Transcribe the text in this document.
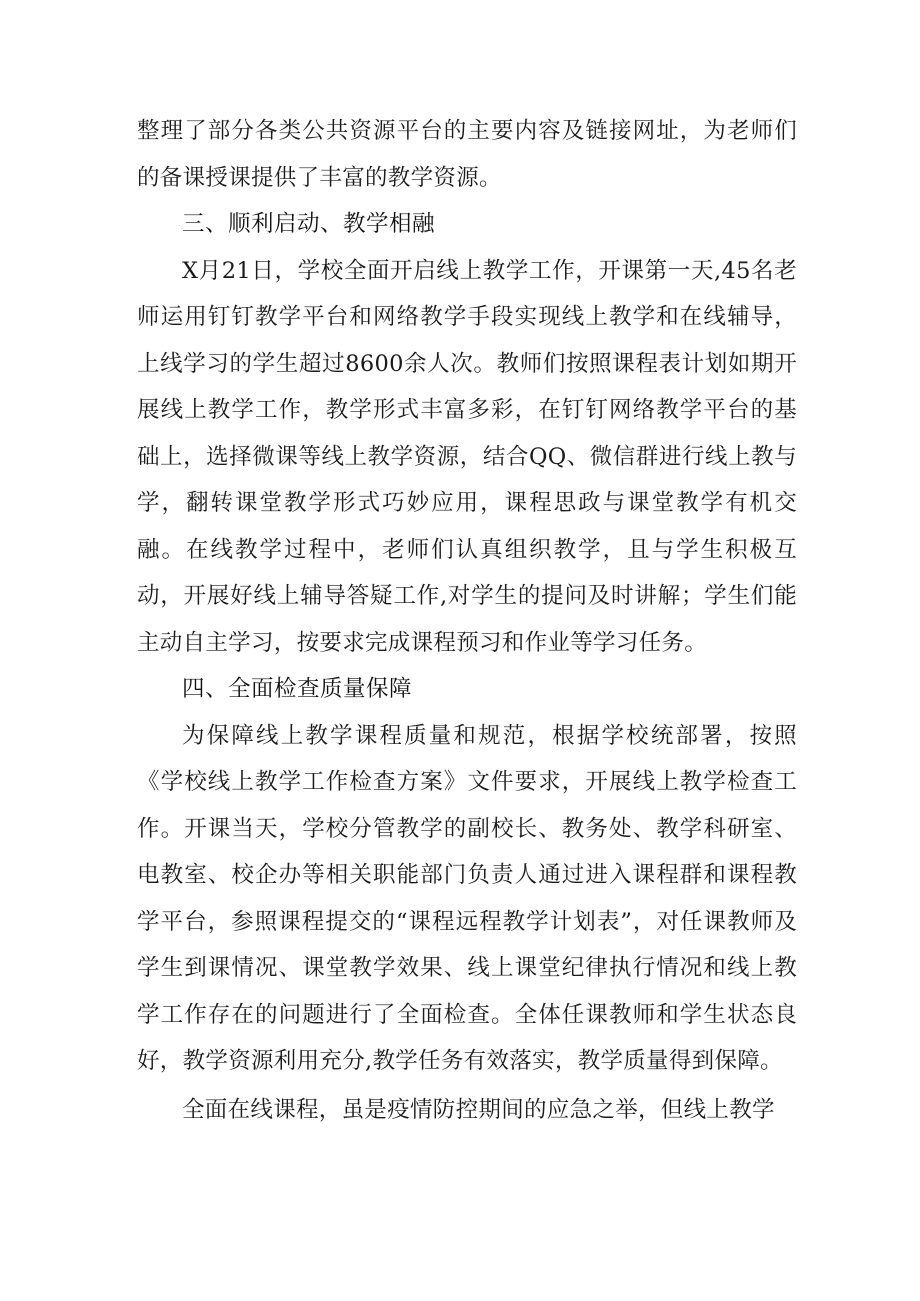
整理了部分各类公共资源平台的主要内容及链接网址，为老师们的备课授课提供了丰富的教学资源。

三、顺利启动、教学相融

X月21日，学校全面开启线上教学工作，开课第一天,45名老师运用钉钉教学平台和网络教学手段实现线上教学和在线辅导，上线学习的学生超过8600余人次。教师们按照课程表计划如期开展线上教学工作，教学形式丰富多彩，在钉钉网络教学平台的基础上，选择微课等线上教学资源，结合QQ、微信群进行线上教与学，翻转课堂教学形式巧妙应用，课程思政与课堂教学有机交融。在线教学过程中，老师们认真组织教学，且与学生积极互动，开展好线上辅导答疑工作,对学生的提问及时讲解；学生们能主动自主学习，按要求完成课程预习和作业等学习任务。

四、全面检查质量保障

为保障线上教学课程质量和规范，根据学校统部署，按照《学校线上教学工作检查方案》文件要求，开展线上教学检查工作。开课当天，学校分管教学的副校长、教务处、教学科研室、电教室、校企办等相关职能部门负责人通过进入课程群和课程教学平台，参照课程提交的“课程远程教学计划表”，对任课教师及学生到课情况、课堂教学效果、线上课堂纪律执行情况和线上教学工作存在的问题进行了全面检查。全体任课教师和学生状态良好，教学资源利用充分,教学任务有效落实，教学质量得到保障。

全面在线课程，虽是疫情防控期间的应急之举，但线上教学
